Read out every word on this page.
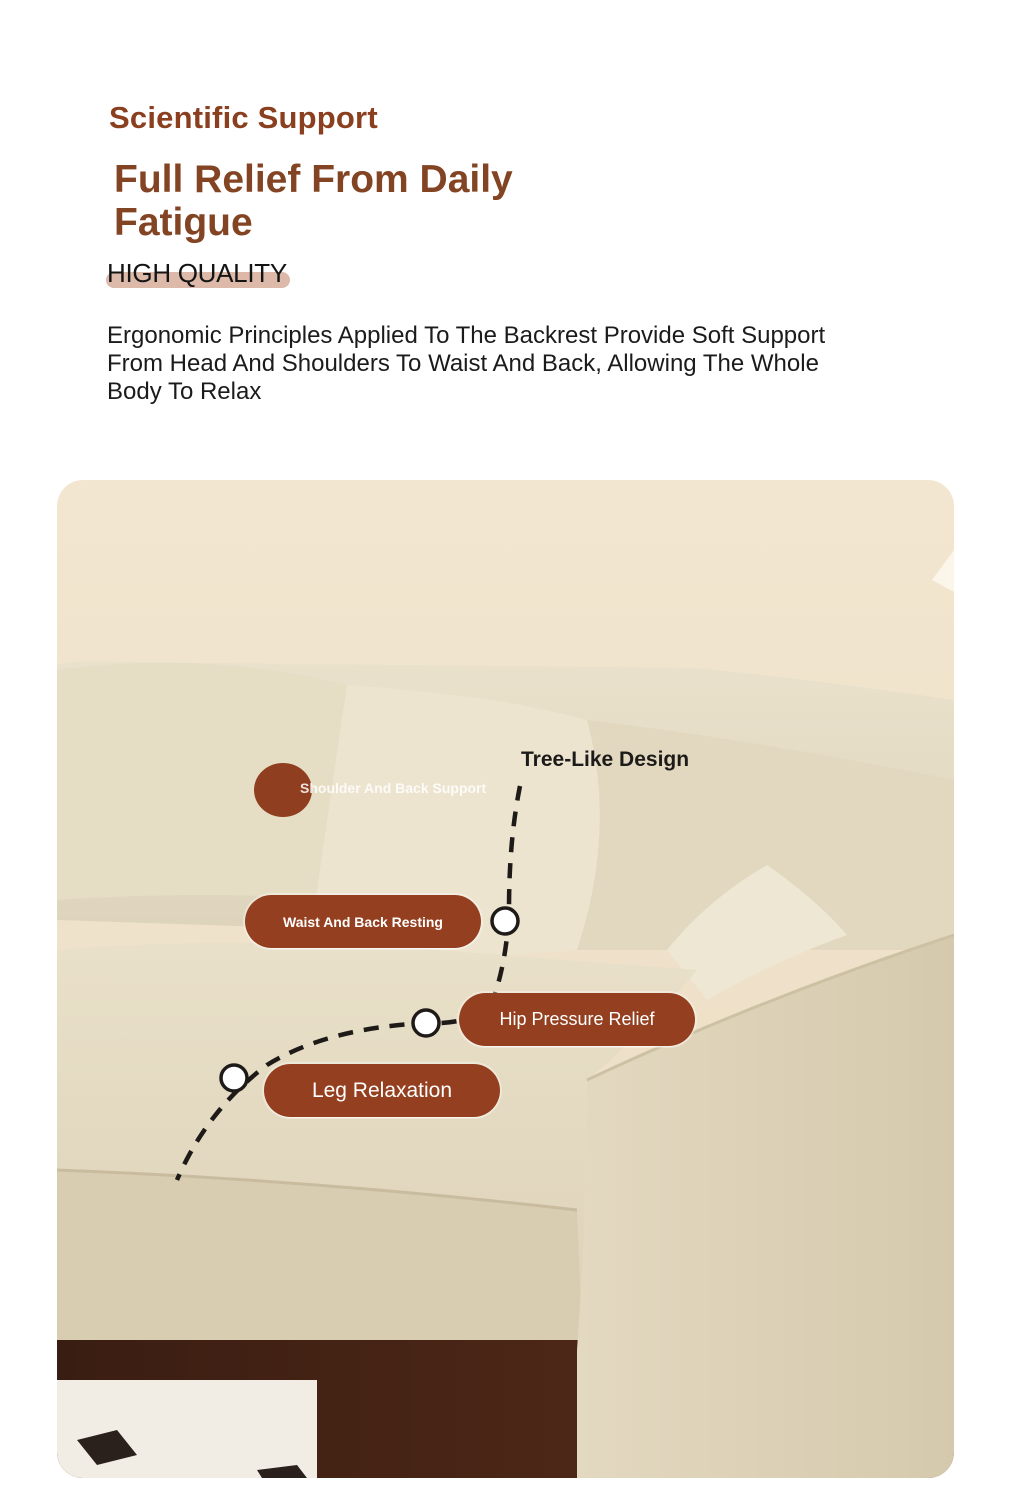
Scientific Support
Full Relief From Daily Fatigue
HIGH QUALITY
Ergonomic Principles Applied To The Backrest Provide Soft Support From Head And Shoulders To Waist And Back, Allowing The Whole Body To Relax
Shoulder And Back Support
Tree-Like Design
Waist And Back Resting
Hip Pressure Relief
Leg Relaxation
